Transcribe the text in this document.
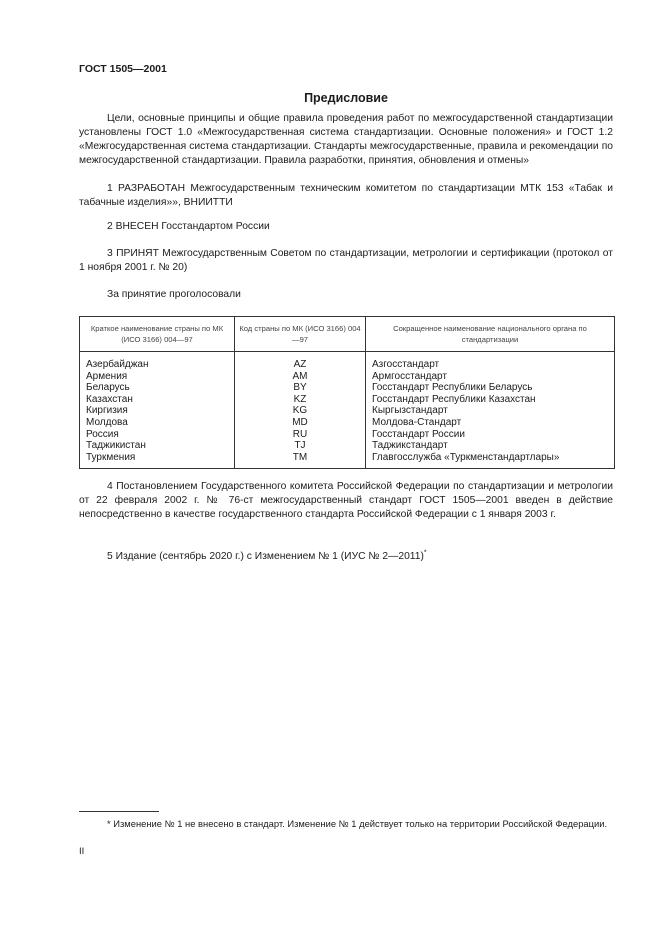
ГОСТ 1505—2001
Предисловие
Цели, основные принципы и общие правила проведения работ по межгосударственной стандартизации установлены ГОСТ 1.0 «Межгосударственная система стандартизации. Основные положения» и ГОСТ 1.2 «Межгосударственная система стандартизации. Стандарты межгосударственные, правила и рекомендации по межгосударственной стандартизации. Правила разработки, принятия, обновления и отмены»
1 РАЗРАБОТАН Межгосударственным техническим комитетом по стандартизации МТК 153 «Табак и табачные изделия»», ВНИИТТИ
2 ВНЕСЕН Госстандартом России
3 ПРИНЯТ Межгосударственным Советом по стандартизации, метрологии и сертификации (протокол от 1 ноября 2001 г. № 20)
За принятие проголосовали
Краткое наименование страны по МК (ИСО 3166) 004—97	Код страны по МК (ИСО 3166) 004—97	Сокращенное наименование национального органа по стандартизации
Азербайджан	AZ	Азгосстандарт
Армения	AM	Армгосстандарт
Беларусь	BY	Госстандарт Республики Беларусь
Казахстан	KZ	Госстандарт Республики Казахстан
Киргизия	KG	Кыргызстандарт
Молдова	MD	Молдова-Стандарт
Россия	RU	Госстандарт России
Таджикистан	TJ	Таджикстандарт
Туркмения	TM	Главгосслужба «Туркменстандартлары»
4 Постановлением Государственного комитета Российской Федерации по стандартизации и метрологии от 22 февраля 2002 г. № 76-ст межгосударственный стандарт ГОСТ 1505—2001 введен в действие непосредственно в качестве государственного стандарта Российской Федерации с 1 января 2003 г.
5 Издание (сентябрь 2020 г.) с Изменением № 1 (ИУС № 2—2011)*
* Изменение № 1 не внесено в стандарт. Изменение № 1 действует только на территории Российской Федерации.
II
